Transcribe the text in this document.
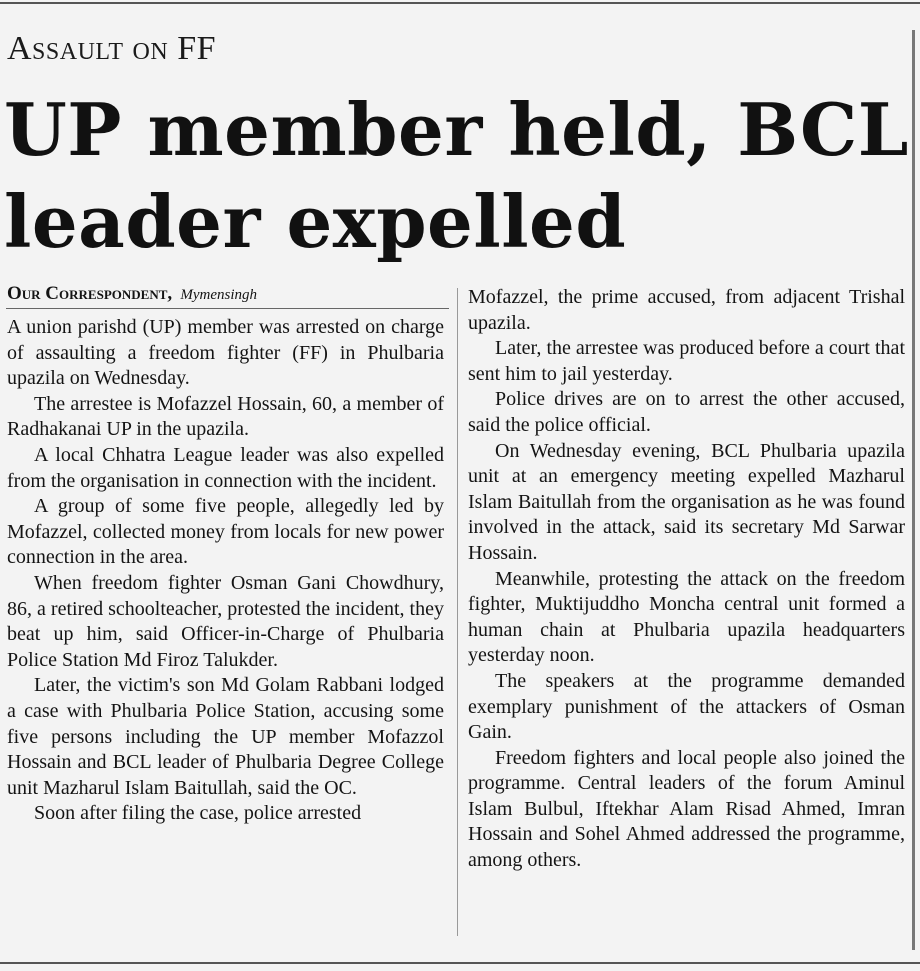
Assault on FF
UP member held, BCL leader expelled
Our Correspondent, Mymensingh

A union parishd (UP) member was arrested on charge of assaulting a freedom fighter (FF) in Phulbaria upazila on Wednesday.

The arrestee is Mofazzel Hossain, 60, a member of Radhakanai UP in the upazila.

A local Chhatra League leader was also expelled from the organisation in connection with the incident.

A group of some five people, allegedly led by Mofazzel, collected money from locals for new power connection in the area.

When freedom fighter Osman Gani Chowdhury, 86, a retired schoolteacher, protested the incident, they beat up him, said Officer-in-Charge of Phulbaria Police Station Md Firoz Talukder.

Later, the victim's son Md Golam Rabbani lodged a case with Phulbaria Police Station, accusing some five persons including the UP member Mofazzol Hossain and BCL leader of Phulbaria Degree College unit Mazharul Islam Baitullah, said the OC.

Soon after filing the case, police arrested

Mofazzel, the prime accused, from adjacent Trishal upazila.

Later, the arrestee was produced before a court that sent him to jail yesterday.

Police drives are on to arrest the other accused, said the police official.

On Wednesday evening, BCL Phulbaria upazila unit at an emergency meeting expelled Mazharul Islam Baitullah from the organisation as he was found involved in the attack, said its secretary Md Sarwar Hossain.

Meanwhile, protesting the attack on the freedom fighter, Muktijuddho Moncha central unit formed a human chain at Phulbaria upazila headquarters yesterday noon.

The speakers at the programme demanded exemplary punishment of the attackers of Osman Gain.

Freedom fighters and local people also joined the programme. Central leaders of the forum Aminul Islam Bulbul, Iftekhar Alam Risad Ahmed, Imran Hossain and Sohel Ahmed addressed the programme, among others.
